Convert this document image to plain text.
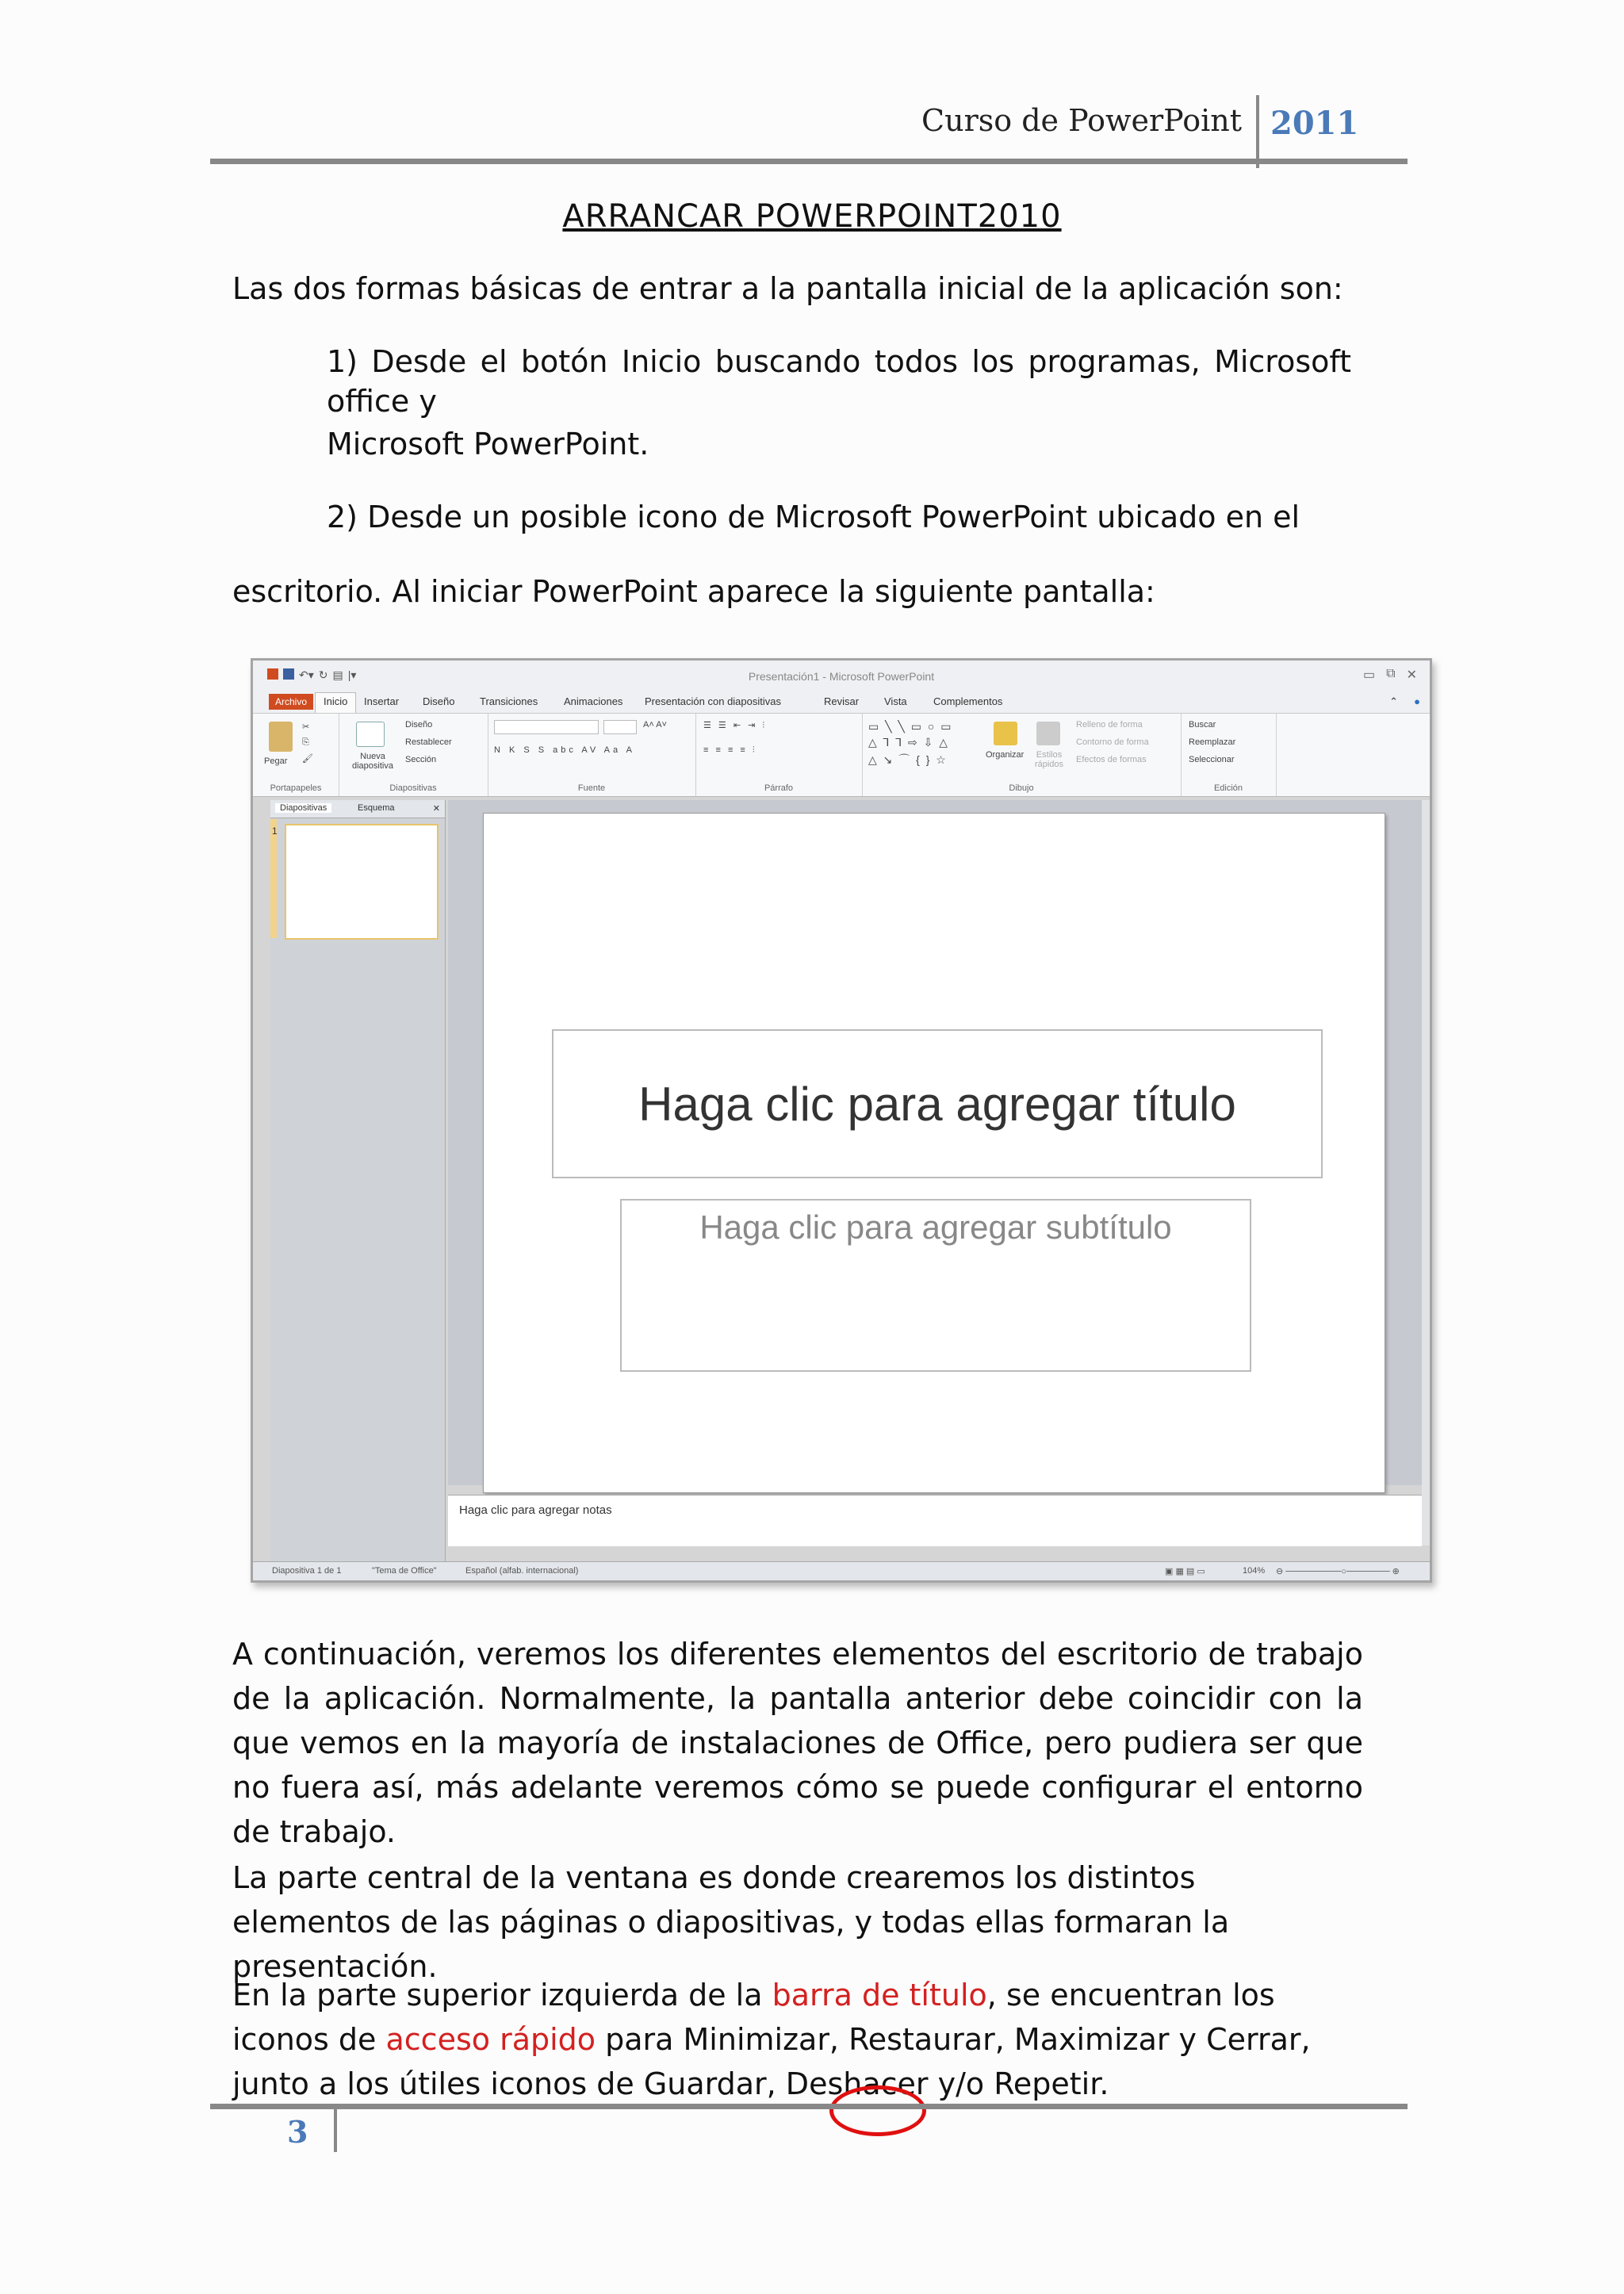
Curso de PowerPoint 2011
ARRANCAR POWERPOINT2010
Las dos formas básicas de entrar a la pantalla inicial de la aplicación son:
1) Desde el botón Inicio buscando todos los programas, Microsoft
office y
Microsoft PowerPoint.
2) Desde un posible icono de Microsoft PowerPoint ubicado en el
escritorio. Al iniciar PowerPoint aparece la siguiente pantalla:
↶▾ ↻ ▤ |▾	Presentación1 - Microsoft PowerPoint	▭ ⧉ ✕
Archivo	Inicio	Insertar Diseño Transiciones	Animaciones Presentación con diapositivas	Revisar Vista	Complementos	⌃ ●
Pegar
✂
⎘
🖌
Portapapeles
Nueva diapositiva
Diseño
Restablecer
Sección
Diapositivas
A˄ A˅
N K S S abc AV Aa A
Fuente
☰ ☰ ⇤ ⇥ ⫶
≡ ≡ ≡ ≡ ⫶
Párrafo
▭ ╲ ╲ ▭ ○ ▭
△ ⅂ ⅂ ⇨ ⇩ △
△ ↘ ⌒ { } ☆	Organizar	Estilos rápidos
Relleno de forma
Contorno de forma
Efectos de formas
Dibujo
Buscar
Reemplazar
Seleccionar
Edición
Diapositivas	Esquema	✕
1
Haga clic para agregar título
Haga clic para agregar subtítulo
Haga clic para agregar notas
Diapositiva 1 de 1	"Tema de Office"	Español (alfab. internacional)	▣ ▦ ▤ ▭	104% ⊖ ─────────○─────── ⊕
A continuación, veremos los diferentes elementos del escritorio de trabajo de la aplicación. Normalmente, la pantalla anterior debe coincidir con la que vemos en la mayoría de instalaciones de Office, pero pudiera ser que no fuera así, más adelante veremos cómo se puede configurar el entorno de trabajo.
La parte central de la ventana es donde crearemos los distintos elementos de las páginas o diapositivas, y todas ellas formaran la presentación.
En la parte superior izquierda de la barra de título, se encuentran los iconos de acceso rápido para Minimizar, Restaurar, Maximizar y Cerrar, junto a los útiles iconos de Guardar, Deshacer y/o Repetir.
3
